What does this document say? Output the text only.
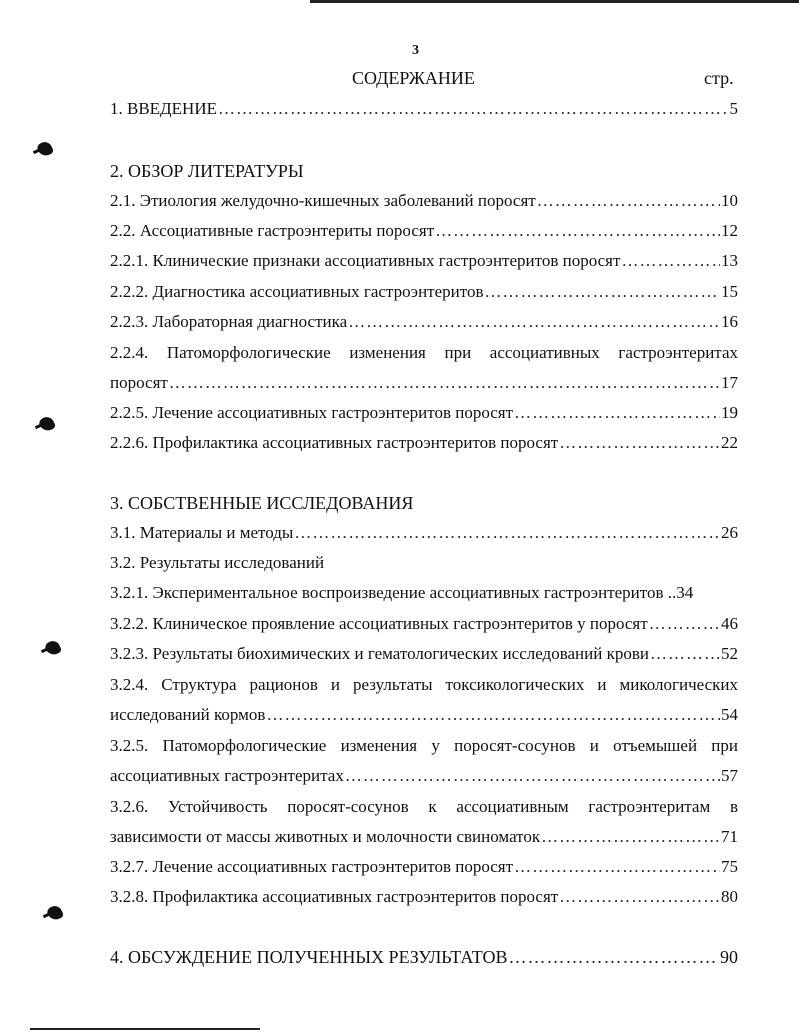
3
СОДЕРЖАНИЕ	стр.
1. ВВЕДЕНИЕ ……………………………………………………………………………………………………………………………………………………………………	5
2. ОБЗОР ЛИТЕРАТУРЫ
2.1. Этиология желудочно-кишечных заболеваний поросят ……………………………………………………………………………………………………………………………………………………………………	10
2.2. Ассоциативные гастроэнтериты поросят ……………………………………………………………………………………………………………………………………………………………………	12
2.2.1. Клинические признаки ассоциативных гастроэнтеритов поросят ……………………………………………………………………………………………………………………………………………………………………	13
2.2.2. Диагностика ассоциативных гастроэнтеритов ……………………………………………………………………………………………………………………………………………………………………	15
2.2.3. Лабораторная диагностика ……………………………………………………………………………………………………………………………………………………………………	16
2.2.4. Патоморфологические изменения при ассоциативных гастроэнтеритах
поросят ……………………………………………………………………………………………………………………………………………………………………	17
2.2.5. Лечение ассоциативных гастроэнтеритов поросят ……………………………………………………………………………………………………………………………………………………………………	19
2.2.6. Профилактика ассоциативных гастроэнтеритов поросят ……………………………………………………………………………………………………………………………………………………………………	22
3. СОБСТВЕННЫЕ ИССЛЕДОВАНИЯ
3.1. Материалы и методы ……………………………………………………………………………………………………………………………………………………………………	26
3.2. Результаты исследований
3.2.1. Экспериментальное воспроизведение ассоциативных гастроэнтеритов .. 34
3.2.2. Клиническое проявление ассоциативных гастроэнтеритов у поросят ……………………………………………………………………………………………………………………………………………………………………	46
3.2.3. Результаты биохимических и гематологических исследований крови ……………………………………………………………………………………………………………………………………………………………………	52
3.2.4. Структура рационов и результаты токсикологических и микологических
исследований кормов ……………………………………………………………………………………………………………………………………………………………………	54
3.2.5. Патоморфологические изменения у поросят-сосунов и отъемышей при
ассоциативных гастроэнтеритах ……………………………………………………………………………………………………………………………………………………………………	57
3.2.6. Устойчивость поросят-сосунов к ассоциативным гастроэнтеритам в
зависимости от массы животных и молочности свиноматок ……………………………………………………………………………………………………………………………………………………………………	71
3.2.7. Лечение ассоциативных гастроэнтеритов поросят ……………………………………………………………………………………………………………………………………………………………………	75
3.2.8. Профилактика ассоциативных гастроэнтеритов поросят ……………………………………………………………………………………………………………………………………………………………………	80
4. ОБСУЖДЕНИЕ ПОЛУЧЕННЫХ РЕЗУЛЬТАТОВ ……………………………………………………………………………………………………………………………………………………………………	90
